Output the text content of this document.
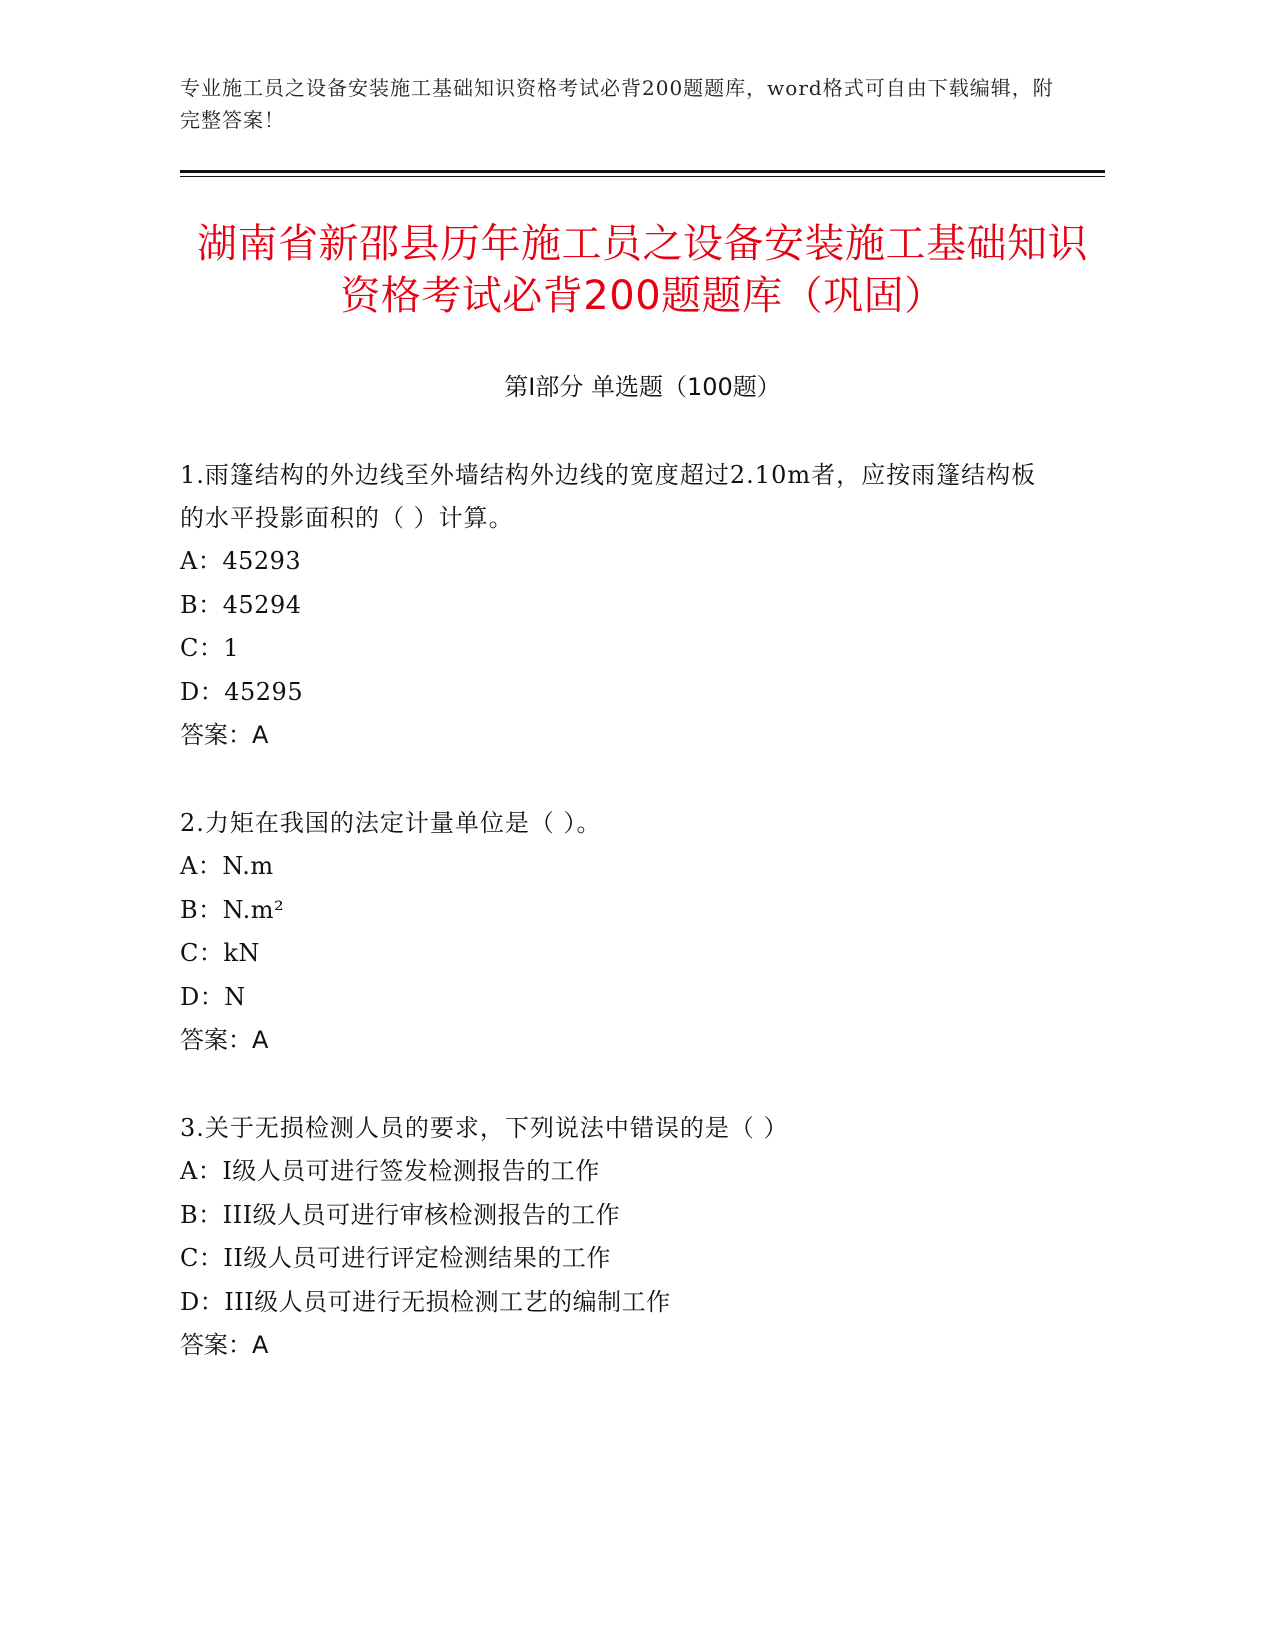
专业施工员之设备安装施工基础知识资格考试必背200题题库，word格式可自由下载编辑，附完整答案！
湖南省新邵县历年施工员之设备安装施工基础知识资格考试必背200题题库（巩固）
第I部分 单选题（100题）

1.雨篷结构的外边线至外墙结构外边线的宽度超过2.10m者，应按雨篷结构板的水平投影面积的（ ）计算。

A：45293

B：45294

C：1

D：45295

答案：A

2.力矩在我国的法定计量单位是（ ）。

A：N.m

B：N.m²

C：kN

D：N

答案：A

3.关于无损检测人员的要求，下列说法中错误的是（ ）

A：I级人员可进行签发检测报告的工作

B：III级人员可进行审核检测报告的工作

C：II级人员可进行评定检测结果的工作

D：III级人员可进行无损检测工艺的编制工作

答案：A
